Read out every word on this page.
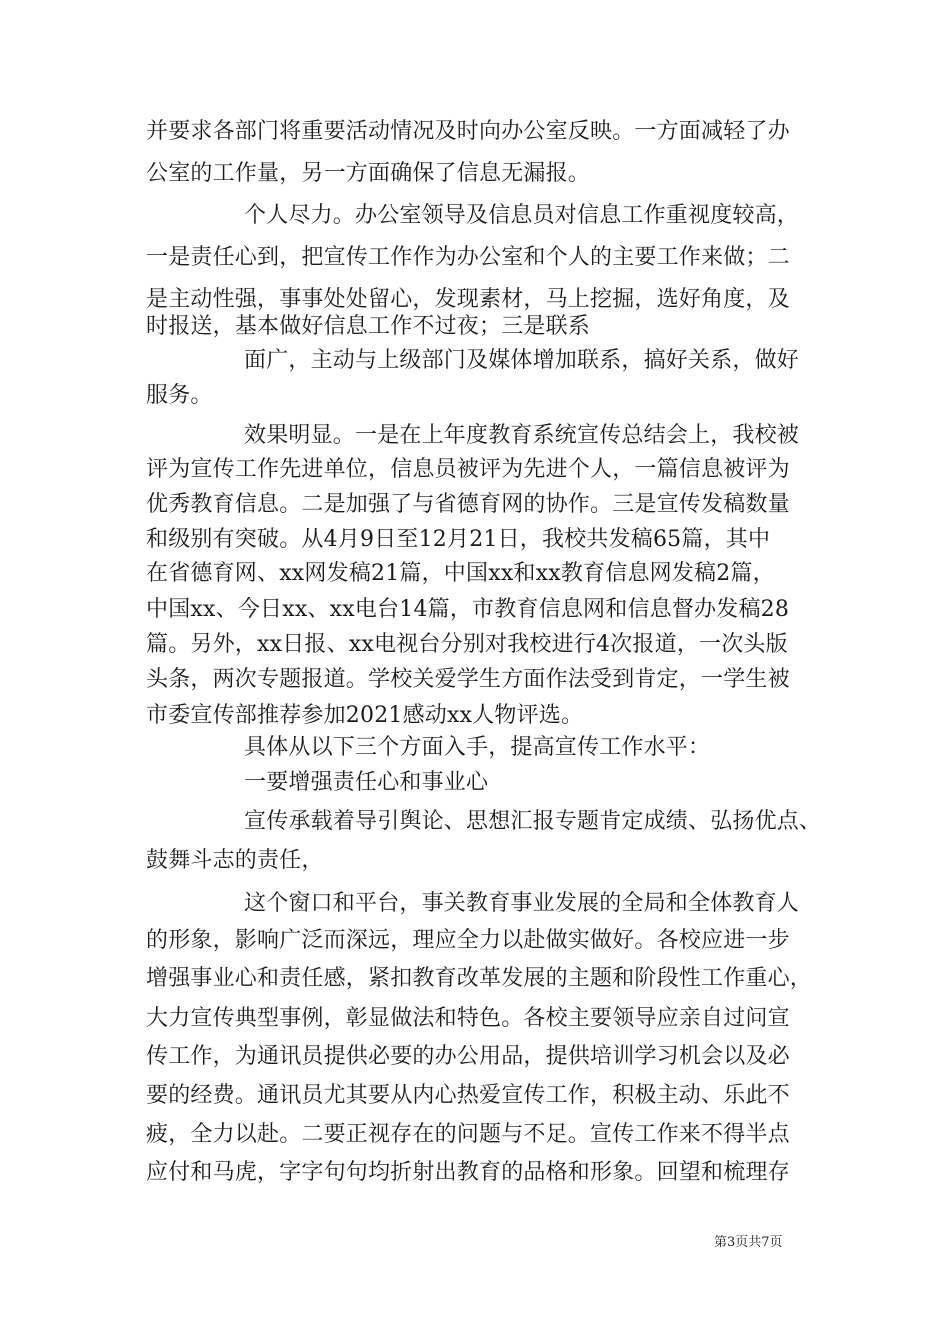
并要求各部门将重要活动情况及时向办公室反映。一方面减轻了办
公室的工作量，另一方面确保了信息无漏报。
个人尽力。办公室领导及信息员对信息工作重视度较高，
一是责任心到，把宣传工作作为办公室和个人的主要工作来做；二
是主动性强，事事处处留心，发现素材，马上挖掘，选好角度，及
时报送，基本做好信息工作不过夜；三是联系
面广，主动与上级部门及媒体增加联系，搞好关系，做好
服务。
效果明显。一是在上年度教育系统宣传总结会上，我校被
评为宣传工作先进单位，信息员被评为先进个人，一篇信息被评为
优秀教育信息。二是加强了与省德育网的协作。三是宣传发稿数量
和级别有突破。从4月9日至12月21日，我校共发稿65篇，其中
在省德育网、xx网发稿21篇，中国xx和xx教育信息网发稿2篇，
中国xx、今日xx、xx电台14篇，市教育信息网和信息督办发稿28
篇。另外，xx日报、xx电视台分别对我校进行4次报道，一次头版
头条，两次专题报道。学校关爱学生方面作法受到肯定，一学生被
市委宣传部推荐参加2021感动xx人物评选。
具体从以下三个方面入手，提高宣传工作水平：
一要增强责任心和事业心
宣传承载着导引舆论、思想汇报专题肯定成绩、弘扬优点、
鼓舞斗志的责任，
这个窗口和平台，事关教育事业发展的全局和全体教育人
的形象，影响广泛而深远，理应全力以赴做实做好。各校应进一步
增强事业心和责任感，紧扣教育改革发展的主题和阶段性工作重心，
大力宣传典型事例，彰显做法和特色。各校主要领导应亲自过问宣
传工作，为通讯员提供必要的办公用品，提供培训学习机会以及必
要的经费。通讯员尤其要从内心热爱宣传工作，积极主动、乐此不
疲，全力以赴。二要正视存在的问题与不足。宣传工作来不得半点
应付和马虎，字字句句均折射出教育的品格和形象。回望和梳理存
第3页共7页
